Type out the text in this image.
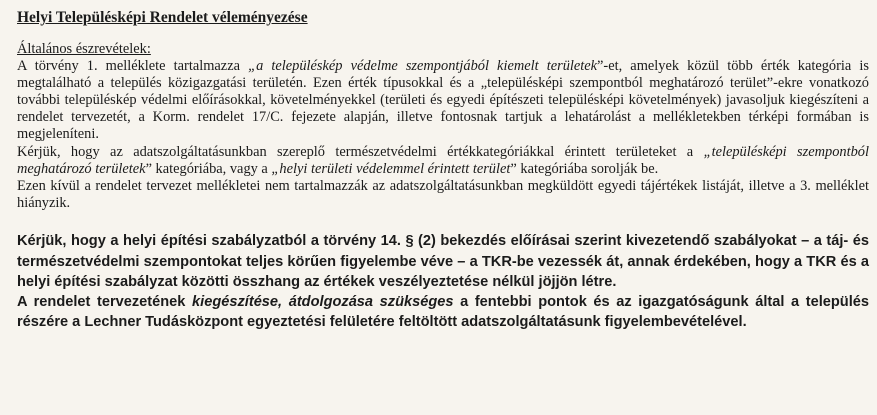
Helyi Településképi Rendelet véleményezése
Általános észrevételek:

A törvény 1. melléklete tartalmazza „a településkép védelme szempontjából kiemelt területek”-et, amelyek közül több érték kategória is megtalálható a település közigazgatási területén. Ezen érték típusokkal és a „településképi szempontból meghatározó terület”-ekre vonatkozó további településkép védelmi előírásokkal, követelményekkel (területi és egyedi építészeti településképi követelmények) javasoljuk kiegészíteni a rendelet tervezetét, a Korm. rendelet 17/C. fejezete alapján, illetve fontosnak tartjuk a lehatárolást a mellékletekben térképi formában is megjeleníteni.

Kérjük, hogy az adatszolgáltatásunkban szereplő természetvédelmi értékkategóriákkal érintett területeket a „településképi szempontból meghatározó területek” kategóriába, vagy a „helyi területi védelemmel érintett terület” kategóriába sorolják be.

Ezen kívül a rendelet tervezet mellékletei nem tartalmazzák az adatszolgáltatásunkban megküldött egyedi tájértékek listáját, illetve a 3. melléklet hiányzik.

Kérjük, hogy a helyi építési szabályzatból a törvény 14. § (2) bekezdés előírásai szerint kivezetendő szabályokat – a táj- és természetvédelmi szempontokat teljes körűen figyelembe véve – a TKR-be vezessék át, annak érdekében, hogy a TKR és a helyi építési szabályzat közötti összhang az értékek veszélyeztetése nélkül jöjjön létre.

A rendelet tervezetének kiegészítése, átdolgozása szükséges a fentebbi pontok és az igazgatóságunk által a település részére a Lechner Tudásközpont egyeztetési felületére feltöltött adatszolgáltatásunk figyelembevételével.
